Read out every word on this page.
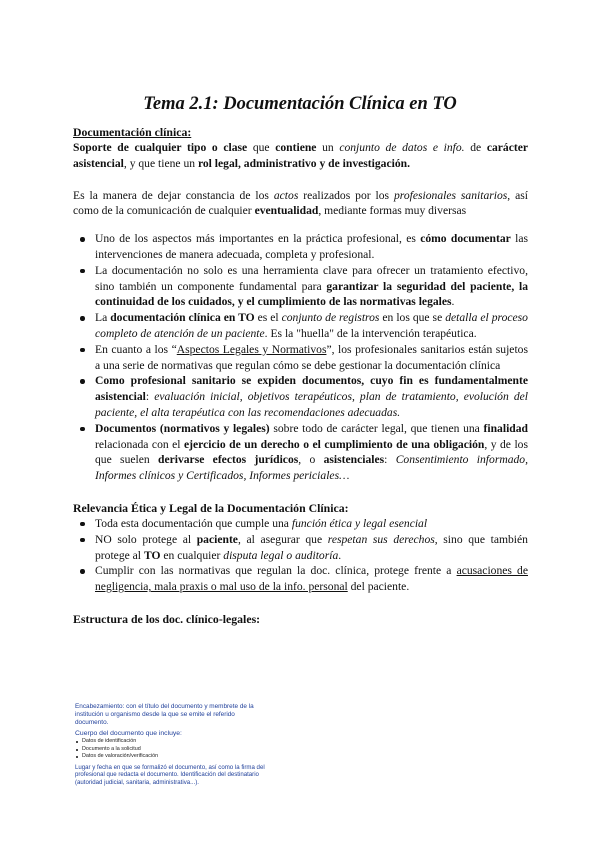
Tema 2.1: Documentación Clínica en TO

Documentación clínica:

Soporte de cualquier tipo o clase que contiene un conjunto de datos e info. de carácter asistencial, y que tiene un rol legal, administrativo y de investigación.

Es la manera de dejar constancia de los actos realizados por los profesionales sanitarios, así como de la comunicación de cualquier eventualidad, mediante formas muy diversas

Uno de los aspectos más importantes en la práctica profesional, es cómo documentar las intervenciones de manera adecuada, completa y profesional.
La documentación no solo es una herramienta clave para ofrecer un tratamiento efectivo, sino también un componente fundamental para garantizar la seguridad del paciente, la continuidad de los cuidados, y el cumplimiento de las normativas legales.
La documentación clínica en TO es el conjunto de registros en los que se detalla el proceso completo de atención de un paciente. Es la "huella" de la intervención terapéutica.
En cuanto a los “Aspectos Legales y Normativos”, los profesionales sanitarios están sujetos a una serie de normativas que regulan cómo se debe gestionar la documentación clínica
Como profesional sanitario se expiden documentos, cuyo fin es fundamentalmente asistencial: evaluación inicial, objetivos terapéuticos, plan de tratamiento, evolución del paciente, el alta terapéutica con las recomendaciones adecuadas.
Documentos (normativos y legales) sobre todo de carácter legal, que tienen una finalidad relacionada con el ejercicio de un derecho o el cumplimiento de una obligación, y de los que suelen derivarse efectos jurídicos, o asistenciales: Consentimiento informado, Informes clínicos y Certificados, Informes periciales…

Relevancia Ética y Legal de la Documentación Clínica:

Toda esta documentación que cumple una función ética y legal esencial
NO solo protege al paciente, al asegurar que respetan sus derechos, sino que también protege al TO en cualquier disputa legal o auditoría.
Cumplir con las normativas que regulan la doc. clínica, protege frente a acusaciones de negligencia, mala praxis o mal uso de la info. personal del paciente.

Estructura de los doc. clínico-legales:

Encabezamiento: con el título del documento y membrete de la institución u organismo desde la que se emite el referido documento.
Cuerpo del documento que incluye:
Datos de identificación
Documento a la solicitud
Datos de valoración/verificación
Lugar y fecha en que se formalizó el documento, así como la firma del profesional que redacta el documento. Identificación del destinatario (autoridad judicial, sanitaria, administrativa...).
